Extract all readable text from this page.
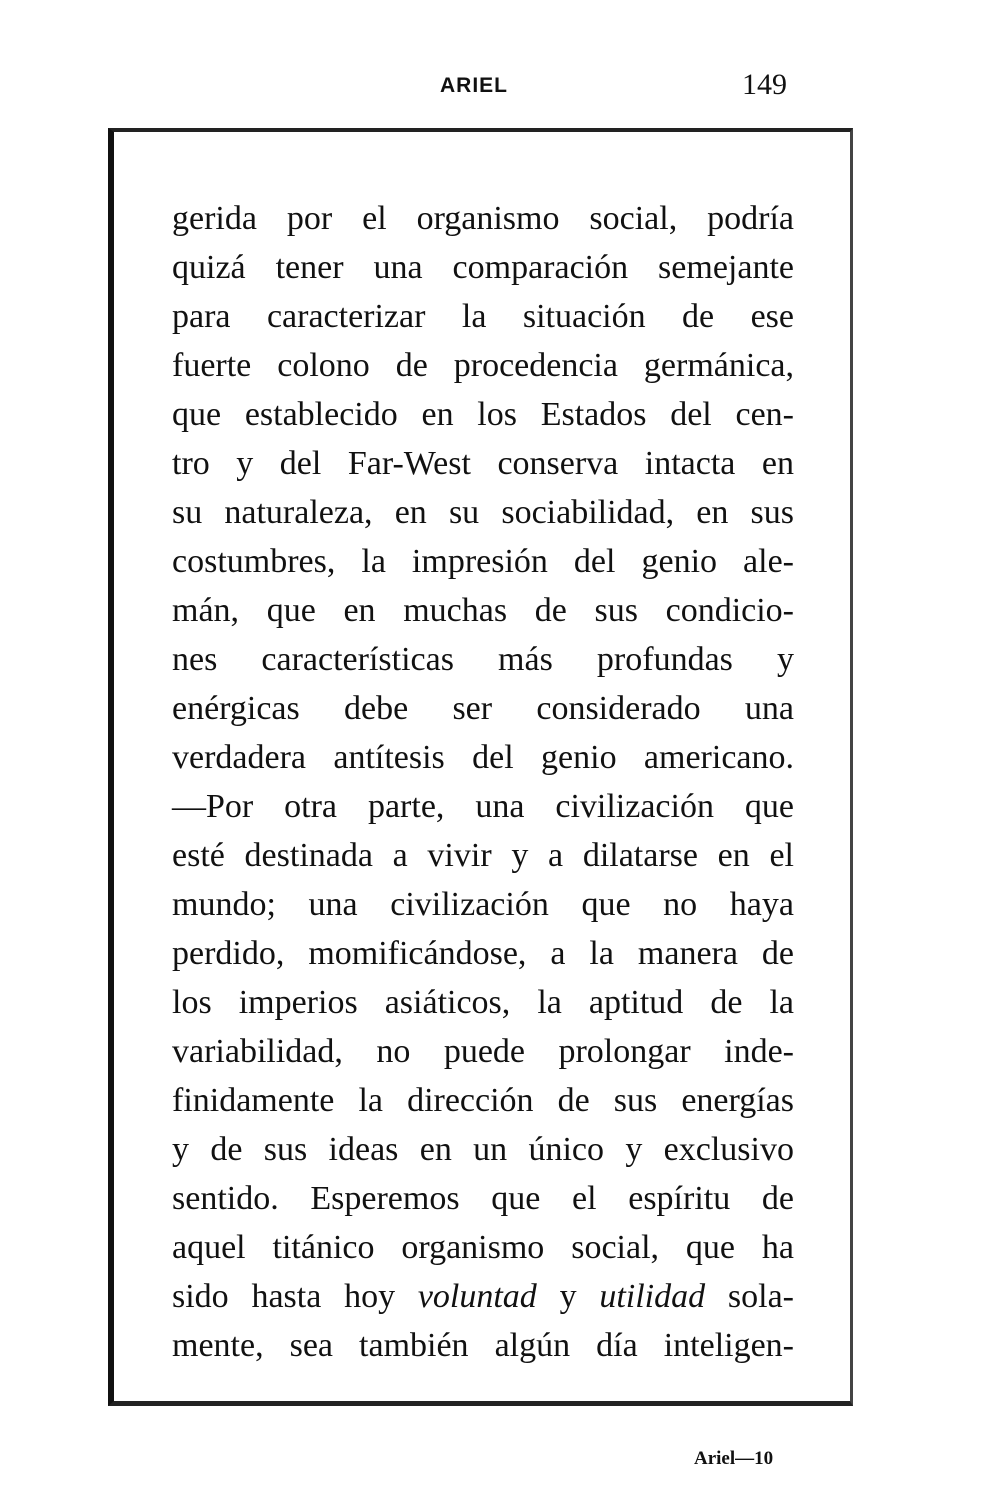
ARIEL	149
gerida por el organismo social, podría
quizá tener una comparación semejante
para caracterizar la situación de ese
fuerte colono de procedencia germánica,
que establecido en los Estados del cen-
tro y del Far-West conserva intacta en
su naturaleza, en su sociabilidad, en sus
costumbres, la impresión del genio ale-
mán, que en muchas de sus condicio-
nes características más profundas y
enérgicas debe ser considerado una
verdadera antítesis del genio americano.
—Por otra parte, una civilización que
esté destinada a vivir y a dilatarse en el
mundo; una civilización que no haya
perdido, momificándose, a la manera de
los imperios asiáticos, la aptitud de la
variabilidad, no puede prolongar inde-
finidamente la dirección de sus energías
y de sus ideas en un único y exclusivo
sentido. Esperemos que el espíritu de
aquel titánico organismo social, que ha
sido hasta hoy voluntad y utilidad sola-
mente, sea también algún día inteligen-
Ariel—10
